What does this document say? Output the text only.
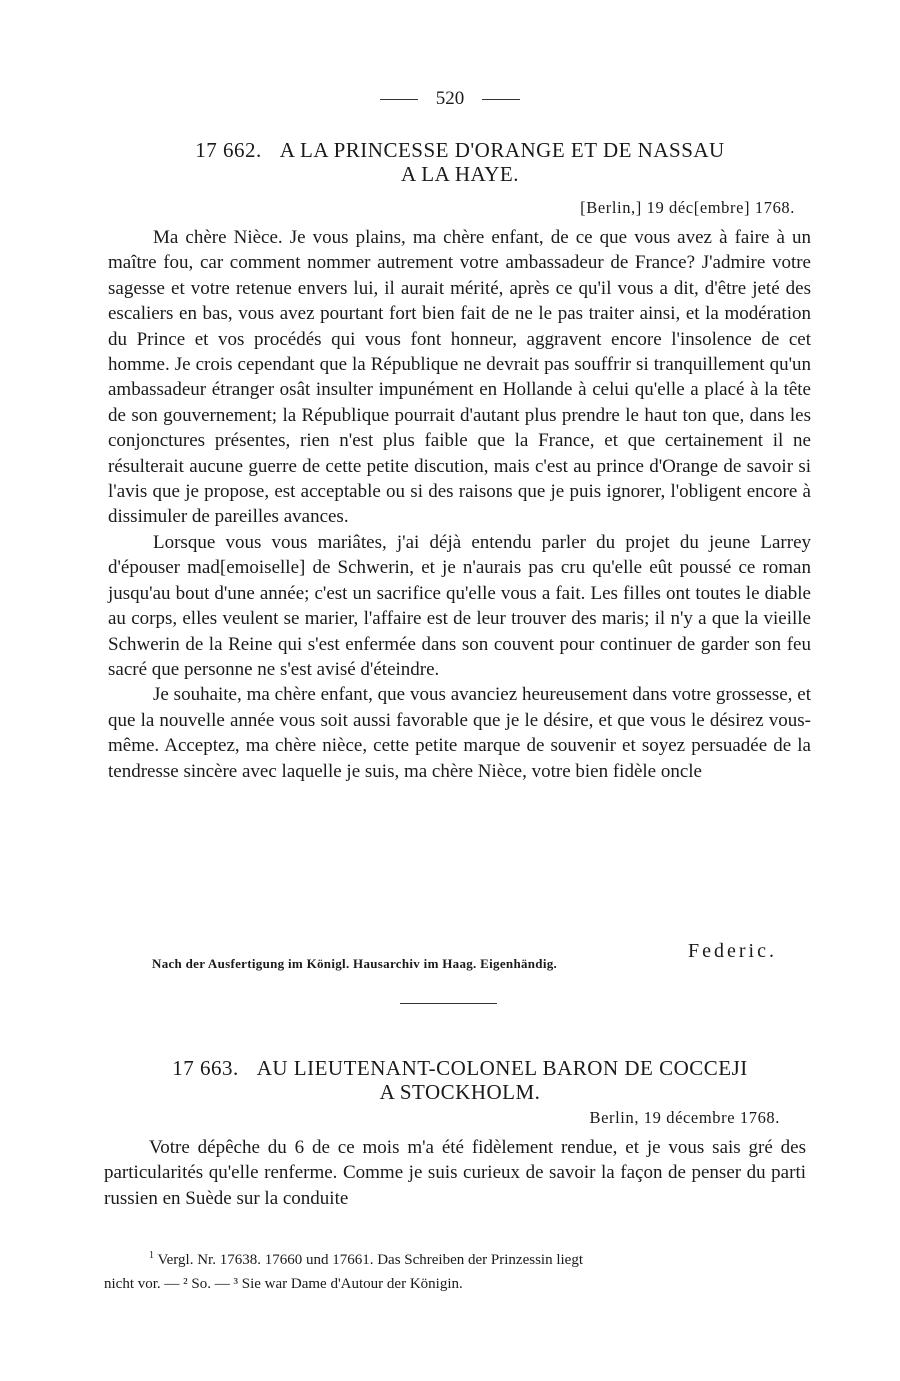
520
17 662. A LA PRINCESSE D'ORANGE ET DE NASSAU
A LA HAYE.
[Berlin,] 19 déc[embre] 1768.

Ma chère Nièce. Je vous plains, ma chère enfant, de ce que vous avez à faire à un maître fou, car comment nommer autrement votre ambassadeur de France? J'admire votre sagesse et votre retenue envers lui, il aurait mérité, après ce qu'il vous a dit, d'être jeté des escaliers en bas, vous avez pourtant fort bien fait de ne le pas traiter ainsi, et la modération du Prince et vos procédés qui vous font honneur, aggravent encore l'insolence de cet homme. Je crois cependant que la République ne devrait pas souffrir si tranquillement qu'un ambassadeur étranger osât insulter impunément en Hollande à celui qu'elle a placé à la tête de son gouvernement; la République pourrait d'autant plus prendre le haut ton que, dans les conjonctures présentes, rien n'est plus faible que la France, et que certainement il ne résulterait aucune guerre de cette petite discution, mais c'est au prince d'Orange de savoir si l'avis que je propose, est acceptable ou si des raisons que je puis ignorer, l'obligent encore à dissimuler de pareilles avances.

Lorsque vous vous mariâtes, j'ai déjà entendu parler du projet du jeune Larrey d'épouser mad[emoiselle] de Schwerin, et je n'aurais pas cru qu'elle eût poussé ce roman jusqu'au bout d'une année; c'est un sacrifice qu'elle vous a fait. Les filles ont toutes le diable au corps, elles veulent se marier, l'affaire est de leur trouver des maris; il n'y a que la vieille Schwerin de la Reine qui s'est enfermée dans son couvent pour continuer de garder son feu sacré que personne ne s'est avisé d'éteindre.

Je souhaite, ma chère enfant, que vous avanciez heureusement dans votre grossesse, et que la nouvelle année vous soit aussi favorable que je le désire, et que vous le désirez vous-même. Acceptez, ma chère nièce, cette petite marque de souvenir et soyez persuadée de la tendresse sincère avec laquelle je suis, ma chère Nièce, votre bien fidèle oncle

Nach der Ausfertigung im Königl. Hausarchiv im Haag. Eigenhändig.
Federic.
17 663. AU LIEUTENANT-COLONEL BARON DE COCCEJI
A STOCKHOLM.
Berlin, 19 décembre 1768.

Votre dépêche du 6 de ce mois m'a été fidèlement rendue, et je vous sais gré des particularités qu'elle renferme. Comme je suis curieux de savoir la façon de penser du parti russien en Suède sur la conduite

$^1$ Vergl. Nr. 17638. 17660 und 17661. Das Schreiben der Prinzessin liegt

nicht vor. — ² So. — ³ Sie war Dame d'Autour der Königin.
